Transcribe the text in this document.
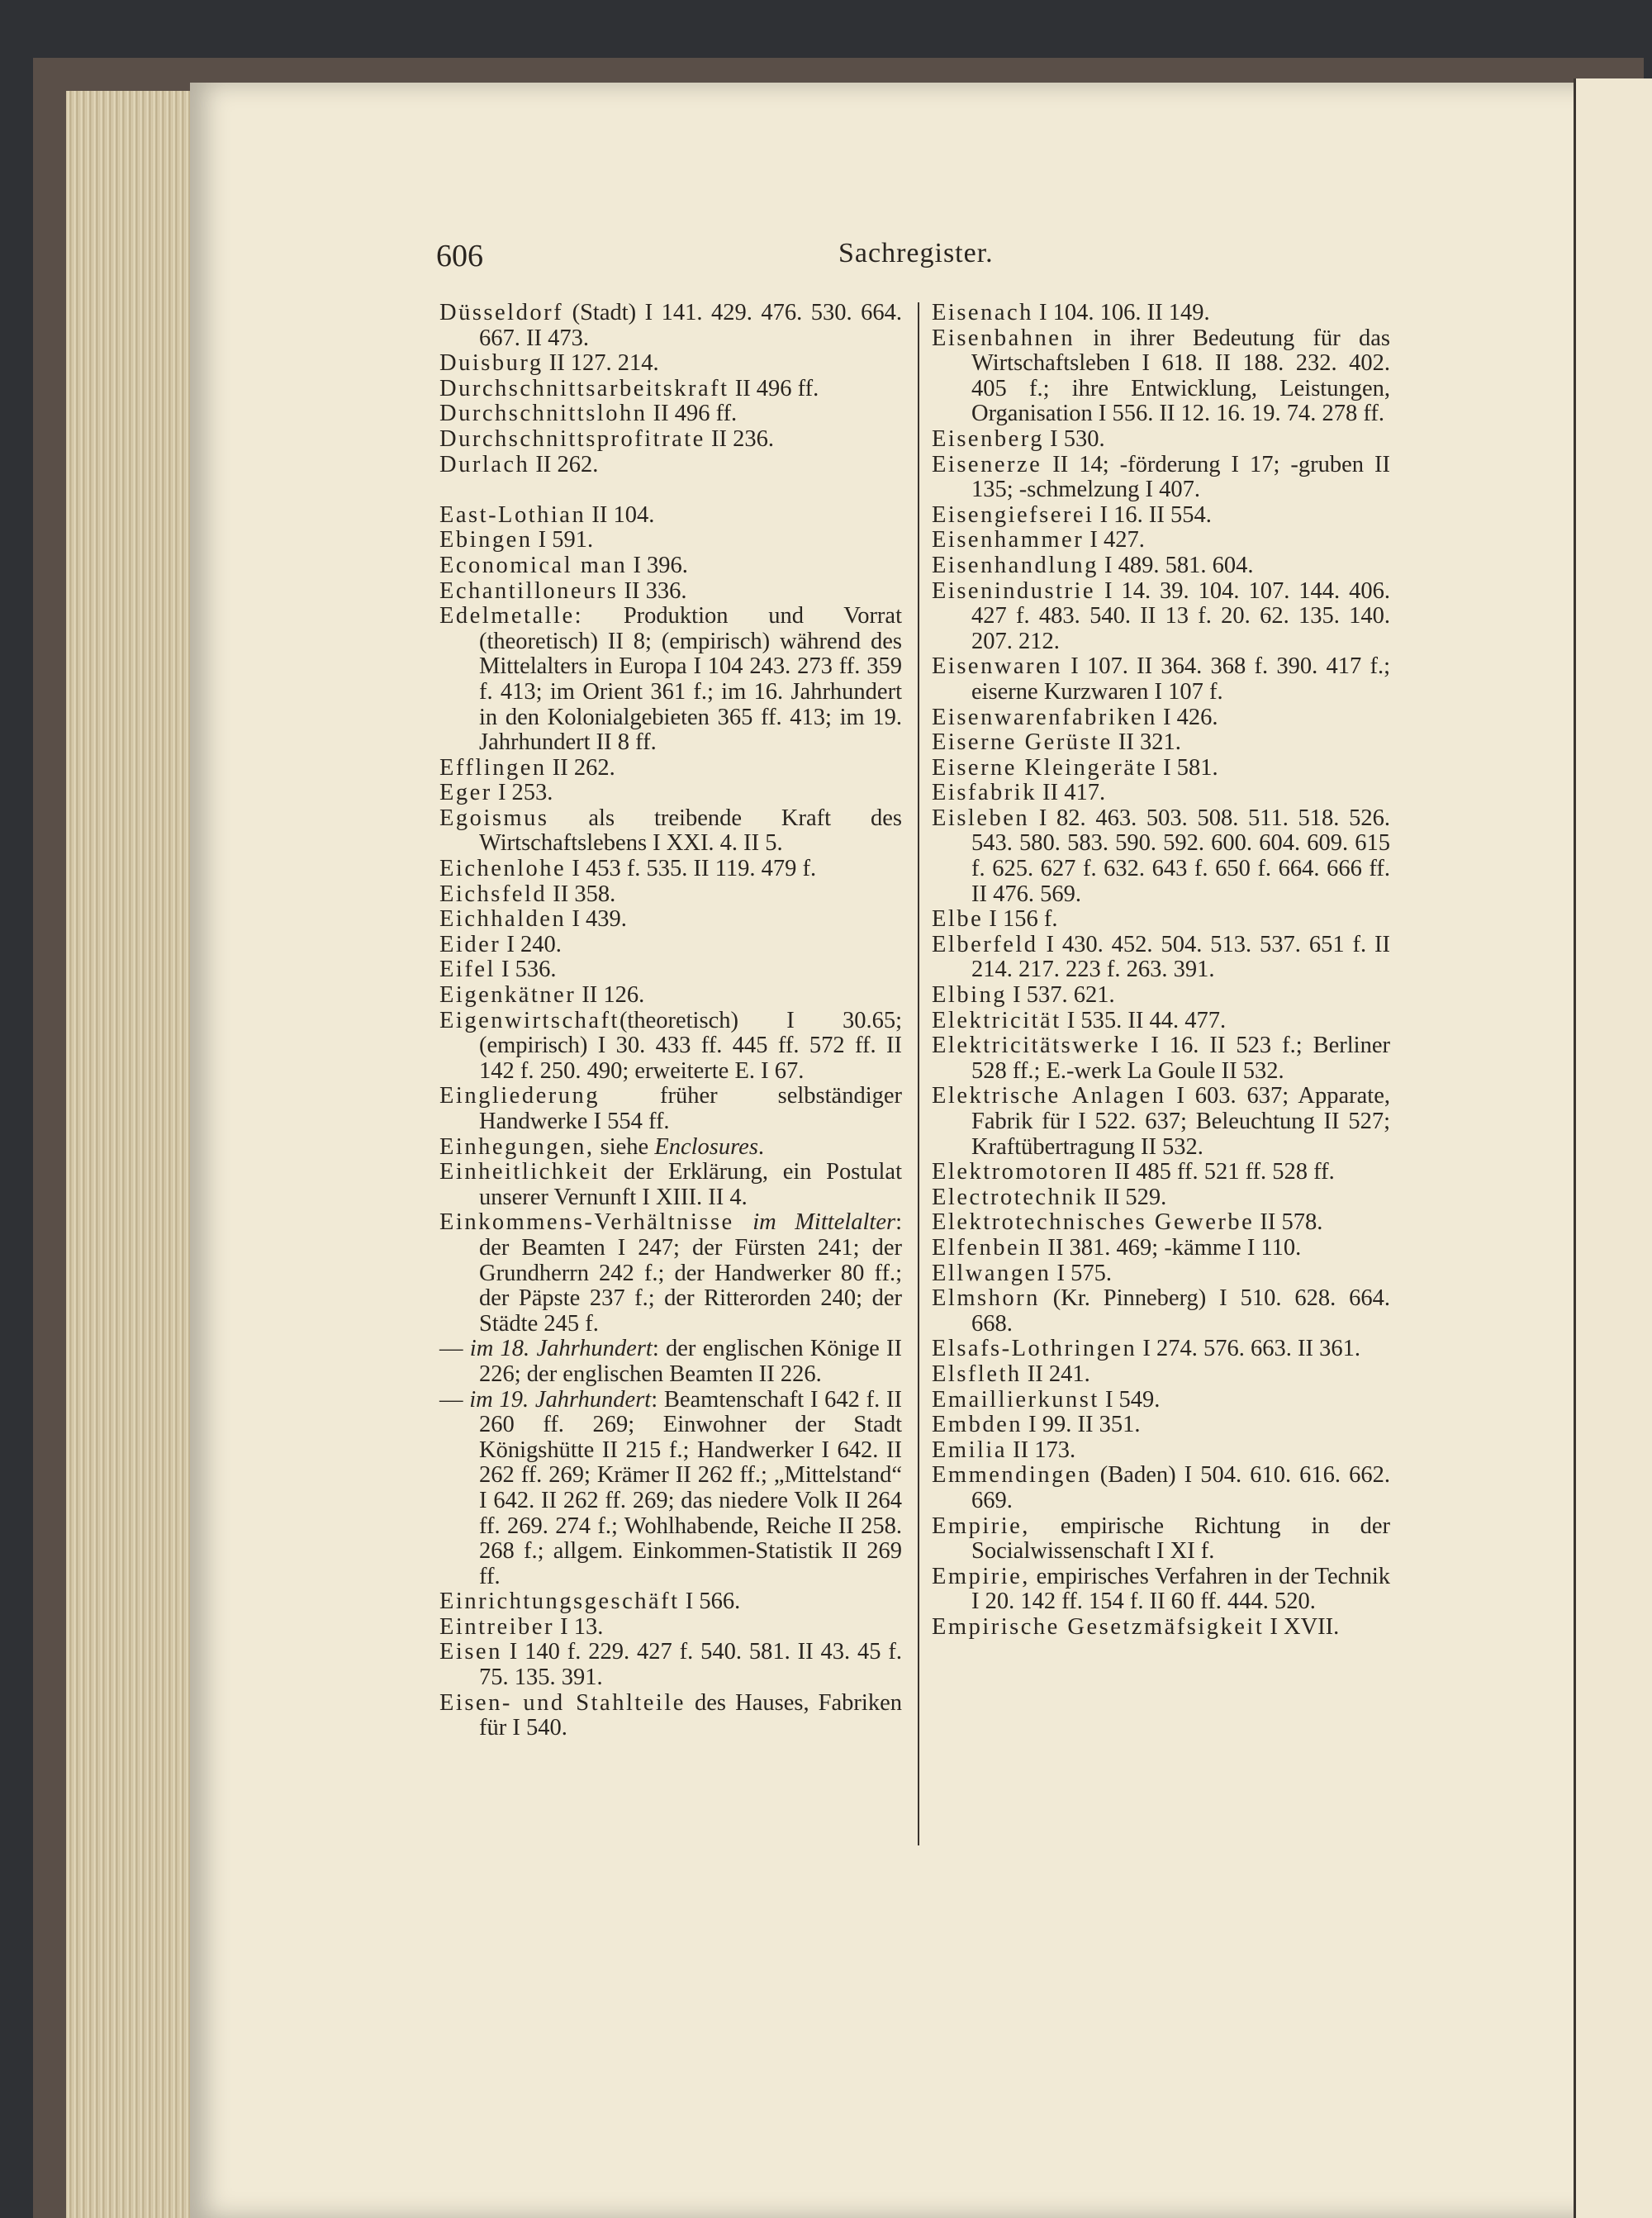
606	Sachregister.
Düsseldorf (Stadt) I 141. 429. 476. 530. 664. 667. II 473.
Duisburg II 127. 214.
Durchschnittsarbeitskraft II 496 ff.
Durchschnittslohn II 496 ff.
Durchschnittsprofitrate II 236.
Durlach II 262.
East-Lothian II 104.
Ebingen I 591.
Economical man I 396.
Echantilloneurs II 336.
Edelmetalle: Produktion und Vorrat (theoretisch) II 8; (empirisch) während des Mittelalters in Europa I 104 243. 273 ff. 359 f. 413; im Orient 361 f.; im 16. Jahrhundert in den Kolonialgebieten 365 ff. 413; im 19. Jahrhundert II 8 ff.
Efflingen II 262.
Eger I 253.
Egoismus als treibende Kraft des Wirtschaftslebens I XXI. 4. II 5.
Eichenlohe I 453 f. 535. II 119. 479 f.
Eichsfeld II 358.
Eichhalden I 439.
Eider I 240.
Eifel I 536.
Eigenkätner II 126.
Eigenwirtschaft(theoretisch) I 30.65; (empirisch) I 30. 433 ff. 445 ff. 572 ff. II 142 f. 250. 490; erweiterte E. I 67.
Eingliederung früher selbständiger Handwerke I 554 ff.
Einhegungen, siehe Enclosures.
Einheitlichkeit der Erklärung, ein Postulat unserer Vernunft I XIII. II 4.
Einkommens-Verhältnisse im Mittelalter: der Beamten I 247; der Fürsten 241; der Grundherrn 242 f.; der Handwerker 80 ff.; der Päpste 237 f.; der Ritterorden 240; der Städte 245 f.
— im 18. Jahrhundert: der englischen Könige II 226; der englischen Beamten II 226.
— im 19. Jahrhundert: Beamtenschaft I 642 f. II 260 ff. 269; Einwohner der Stadt Königshütte II 215 f.; Handwerker I 642. II 262 ff. 269; Krämer II 262 ff.; „Mittelstand“ I 642. II 262 ff. 269; das niedere Volk II 264 ff. 269. 274 f.; Wohlhabende, Reiche II 258. 268 f.; allgem. Einkommen-Statistik II 269 ff.
Einrichtungsgeschäft I 566.
Eintreiber I 13.
Eisen I 140 f. 229. 427 f. 540. 581. II 43. 45 f. 75. 135. 391.
Eisen- und Stahlteile des Hauses, Fabriken für I 540.
Eisenach I 104. 106. II 149.
Eisenbahnen in ihrer Bedeutung für das Wirtschaftsleben I 618. II 188. 232. 402. 405 f.; ihre Entwicklung, Leistungen, Organisation I 556. II 12. 16. 19. 74. 278 ff.
Eisenberg I 530.
Eisenerze II 14; -förderung I 17; -gruben II 135; -schmelzung I 407.
Eisengiefserei I 16. II 554.
Eisenhammer I 427.
Eisenhandlung I 489. 581. 604.
Eisenindustrie I 14. 39. 104. 107. 144. 406. 427 f. 483. 540. II 13 f. 20. 62. 135. 140. 207. 212.
Eisenwaren I 107. II 364. 368 f. 390. 417 f.; eiserne Kurzwaren I 107 f.
Eisenwarenfabriken I 426.
Eiserne Gerüste II 321.
Eiserne Kleingeräte I 581.
Eisfabrik II 417.
Eisleben I 82. 463. 503. 508. 511. 518. 526. 543. 580. 583. 590. 592. 600. 604. 609. 615 f. 625. 627 f. 632. 643 f. 650 f. 664. 666 ff. II 476. 569.
Elbe I 156 f.
Elberfeld I 430. 452. 504. 513. 537. 651 f. II 214. 217. 223 f. 263. 391.
Elbing I 537. 621.
Elektricität I 535. II 44. 477.
Elektricitätswerke I 16. II 523 f.; Berliner 528 ff.; E.-werk La Goule II 532.
Elektrische Anlagen I 603. 637; Apparate, Fabrik für I 522. 637; Beleuchtung II 527; Kraftübertragung II 532.
Elektromotoren II 485 ff. 521 ff. 528 ff.
Electrotechnik II 529.
Elektrotechnisches Gewerbe II 578.
Elfenbein II 381. 469; -kämme I 110.
Ellwangen I 575.
Elmshorn (Kr. Pinneberg) I 510. 628. 664. 668.
Elsafs-Lothringen I 274. 576. 663. II 361.
Elsfleth II 241.
Emaillierkunst I 549.
Embden I 99. II 351.
Emilia II 173.
Emmendingen (Baden) I 504. 610. 616. 662. 669.
Empirie, empirische Richtung in der Socialwissenschaft I XI f.
Empirie, empirisches Verfahren in der Technik I 20. 142 ff. 154 f. II 60 ff. 444. 520.
Empirische Gesetzmäfsigkeit I XVII.
